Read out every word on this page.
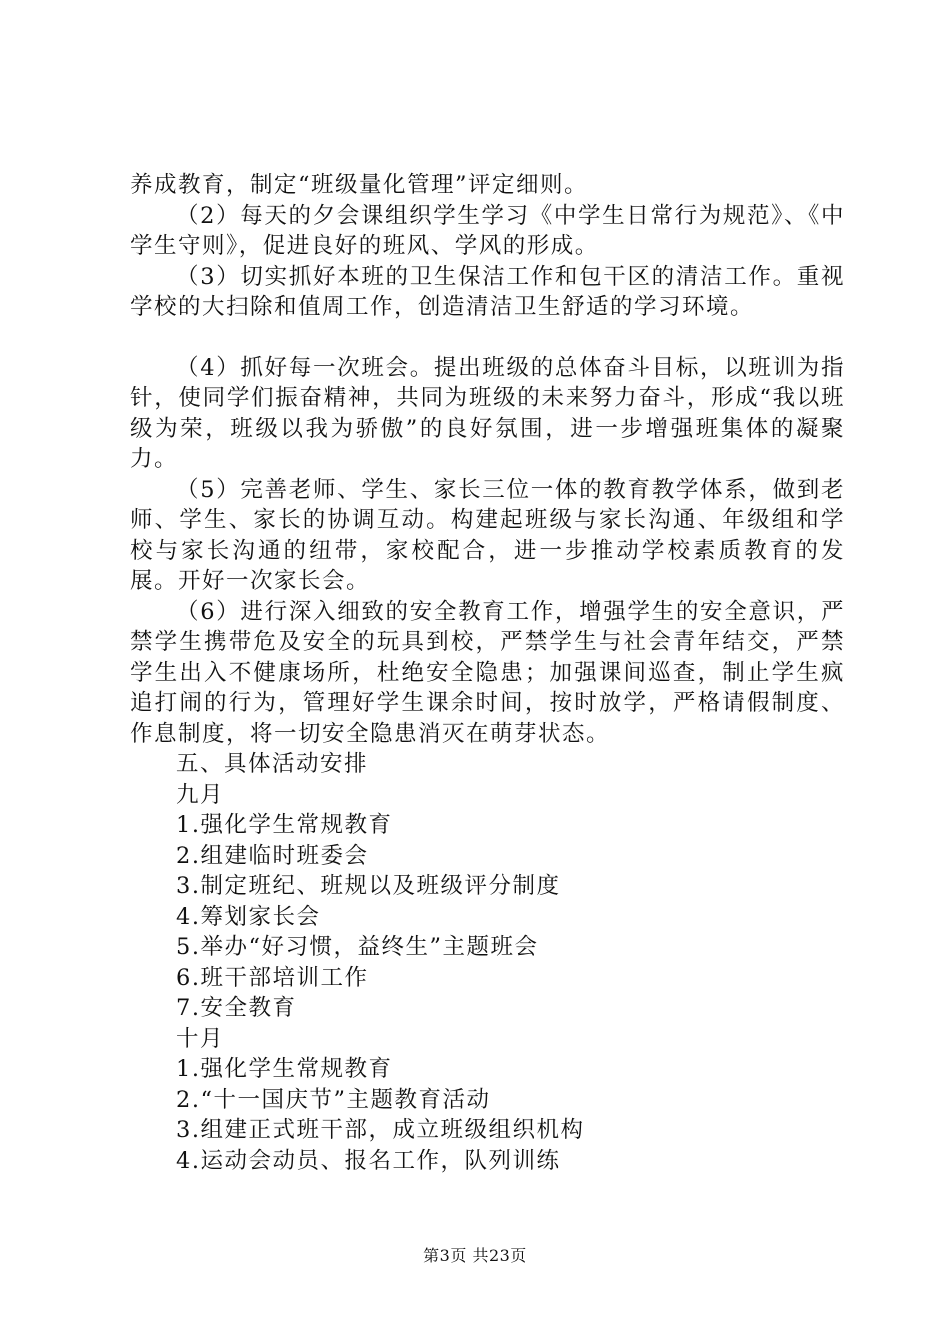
养成教育，制定“班级量化管理”评定细则。

（2）每天的夕会课组织学生学习《中学生日常行为规范》、《中学生守则》，促进良好的班风、学风的形成。

（3）切实抓好本班的卫生保洁工作和包干区的清洁工作。重视学校的大扫除和值周工作，创造清洁卫生舒适的学习环境。

（4）抓好每一次班会。提出班级的总体奋斗目标，以班训为指针，使同学们振奋精神，共同为班级的未来努力奋斗，形成“我以班级为荣，班级以我为骄傲”的良好氛围，进一步增强班集体的凝聚力。

（5）完善老师、学生、家长三位一体的教育教学体系，做到老师、学生、家长的协调互动。构建起班级与家长沟通、年级组和学校与家长沟通的纽带，家校配合，进一步推动学校素质教育的发展。开好一次家长会。

（6）进行深入细致的安全教育工作，增强学生的安全意识，严禁学生携带危及安全的玩具到校，严禁学生与社会青年结交，严禁学生出入不健康场所，杜绝安全隐患；加强课间巡查，制止学生疯追打闹的行为，管理好学生课余时间，按时放学，严格请假制度、作息制度，将一切安全隐患消灭在萌芽状态。

五、具体活动安排

九月

1.强化学生常规教育

2.组建临时班委会

3.制定班纪、班规以及班级评分制度

4.筹划家长会

5.举办“好习惯，益终生”主题班会

6.班干部培训工作

7.安全教育

十月

1.强化学生常规教育

2.“十一国庆节”主题教育活动

3.组建正式班干部，成立班级组织机构

4.运动会动员、报名工作，队列训练

第3页 共23页
